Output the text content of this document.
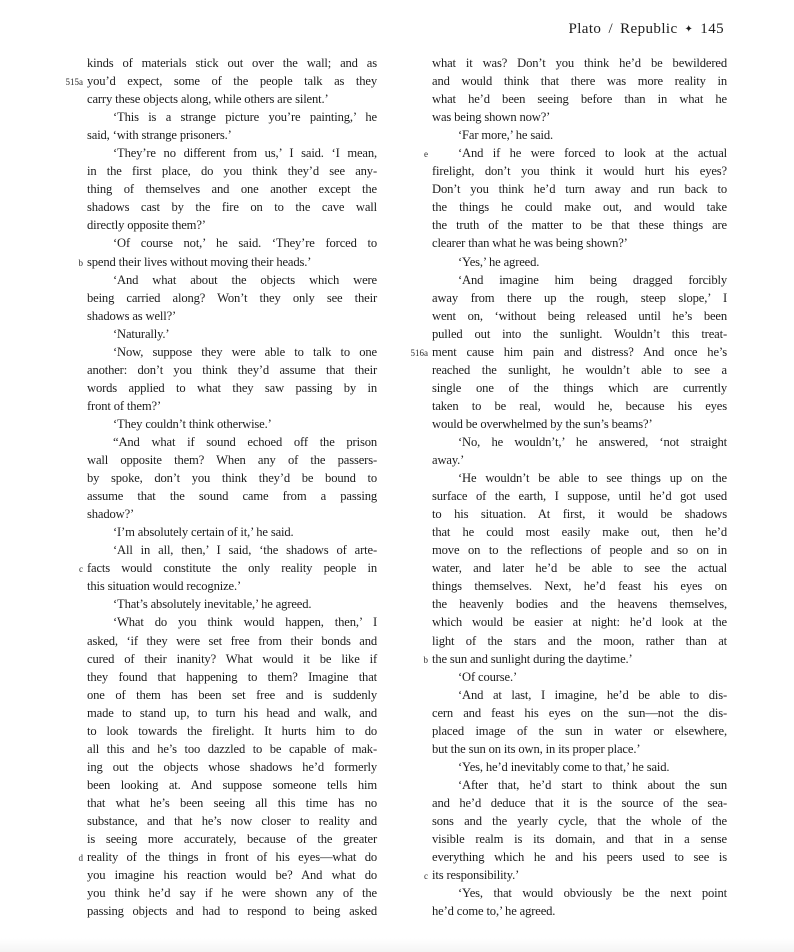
Plato / Republic ✦ 145
kinds of materials stick out over the wall; and as
515a you’d expect, some of the people talk as they
carry these objects along, while others are silent.’
‘This is a strange picture you’re painting,’ he
said, ‘with strange prisoners.’
‘They’re no different from us,’ I said. ‘I mean,
in the first place, do you think they’d see any-
thing of themselves and one another except the
shadows cast by the fire on to the cave wall
directly opposite them?’
‘Of course not,’ he said. ‘They’re forced to
b spend their lives without moving their heads.’
‘And what about the objects which were
being carried along? Won’t they only see their
shadows as well?’
‘Naturally.’
‘Now, suppose they were able to talk to one
another: don’t you think they’d assume that their
words applied to what they saw passing by in
front of them?’
‘They couldn’t think otherwise.’
“And what if sound echoed off the prison
wall opposite them? When any of the passers-
by spoke, don’t you think they’d be bound to
assume that the sound came from a passing
shadow?’
‘I’m absolutely certain of it,’ he said.
‘All in all, then,’ I said, ‘the shadows of arte-
c facts would constitute the only reality people in
this situation would recognize.’
‘That’s absolutely inevitable,’ he agreed.
‘What do you think would happen, then,’ I
asked, ‘if they were set free from their bonds and
cured of their inanity? What would it be like if
they found that happening to them? Imagine that
one of them has been set free and is suddenly
made to stand up, to turn his head and walk, and
to look towards the firelight. It hurts him to do
all this and he’s too dazzled to be capable of mak-
ing out the objects whose shadows he’d formerly
been looking at. And suppose someone tells him
that what he’s been seeing all this time has no
substance, and that he’s now closer to reality and
is seeing more accurately, because of the greater
d reality of the things in front of his eyes—what do
you imagine his reaction would be? And what do
you think he’d say if he were shown any of the
passing objects and had to respond to being asked
what it was? Don’t you think he’d be bewildered
and would think that there was more reality in
what he’d been seeing before than in what he
was being shown now?’
‘Far more,’ he said.
e ‘And if he were forced to look at the actual
firelight, don’t you think it would hurt his eyes?
Don’t you think he’d turn away and run back to
the things he could make out, and would take
the truth of the matter to be that these things are
clearer than what he was being shown?’
‘Yes,’ he agreed.
‘And imagine him being dragged forcibly
away from there up the rough, steep slope,’ I
went on, ‘without being released until he’s been
pulled out into the sunlight. Wouldn’t this treat-
516a ment cause him pain and distress? And once he’s
reached the sunlight, he wouldn’t able to see a
single one of the things which are currently
taken to be real, would he, because his eyes
would be overwhelmed by the sun’s beams?’
‘No, he wouldn’t,’ he answered, ‘not straight
away.’
‘He wouldn’t be able to see things up on the
surface of the earth, I suppose, until he’d got used
to his situation. At first, it would be shadows
that he could most easily make out, then he’d
move on to the reflections of people and so on in
water, and later he’d be able to see the actual
things themselves. Next, he’d feast his eyes on
the heavenly bodies and the heavens themselves,
which would be easier at night: he’d look at the
light of the stars and the moon, rather than at
b the sun and sunlight during the daytime.’
‘Of course.’
‘And at last, I imagine, he’d be able to dis-
cern and feast his eyes on the sun—not the dis-
placed image of the sun in water or elsewhere,
but the sun on its own, in its proper place.’
‘Yes, he’d inevitably come to that,’ he said.
‘After that, he’d start to think about the sun
and he’d deduce that it is the source of the sea-
sons and the yearly cycle, that the whole of the
visible realm is its domain, and that in a sense
everything which he and his peers used to see is
c its responsibility.’
‘Yes, that would obviously be the next point
he’d come to,’ he agreed.
